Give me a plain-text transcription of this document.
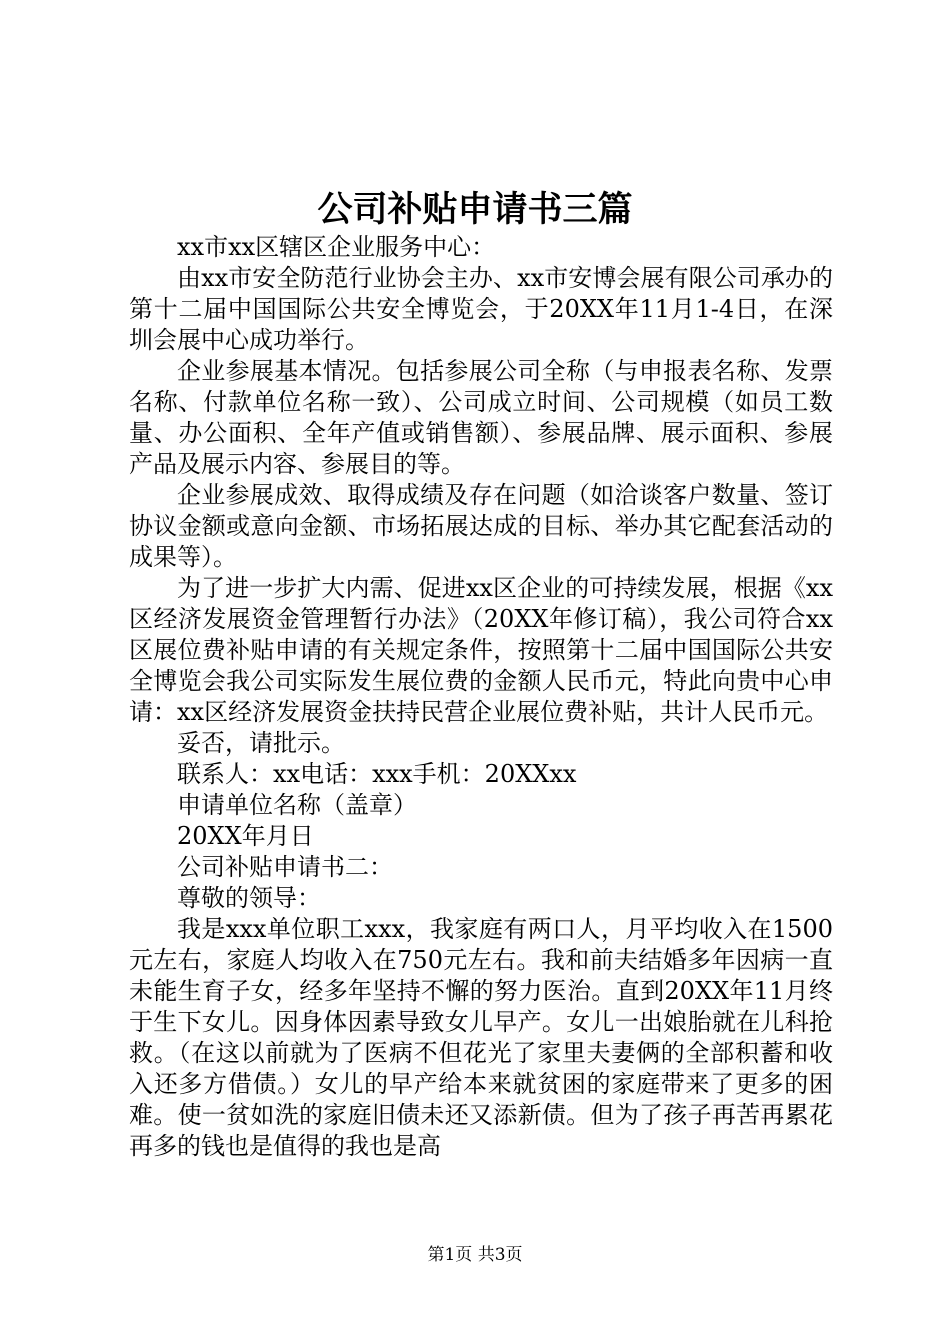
公司补贴申请书三篇

xx市xx区辖区企业服务中心：

由xx市安全防范行业协会主办、xx市安博会展有限公司承办的第十二届中国国际公共安全博览会，于20XX年11月1-4日，在深圳会展中心成功举行。

企业参展基本情况。包括参展公司全称（与申报表名称、发票名称、付款单位名称一致）、公司成立时间、公司规模（如员工数量、办公面积、全年产值或销售额）、参展品牌、展示面积、参展产品及展示内容、参展目的等。

企业参展成效、取得成绩及存在问题（如洽谈客户数量、签订协议金额或意向金额、市场拓展达成的目标、举办其它配套活动的成果等）。

为了进一步扩大内需、促进xx区企业的可持续发展，根据《xx区经济发展资金管理暂行办法》（20XX年修订稿），我公司符合xx区展位费补贴申请的有关规定条件，按照第十二届中国国际公共安全博览会我公司实际发生展位费的金额人民币元，特此向贵中心申请：xx区经济发展资金扶持民营企业展位费补贴，共计人民币元。

妥否，请批示。

联系人：xx电话：xxx手机：20XXxx

申请单位名称（盖章）

20XX年月日

公司补贴申请书二：

尊敬的领导：

我是xxx单位职工xxx，我家庭有两口人，月平均收入在1500元左右，家庭人均收入在750元左右。我和前夫结婚多年因病一直未能生育子女，经多年坚持不懈的努力医治。直到20XX年11月终于生下女儿。因身体因素导致女儿早产。女儿一出娘胎就在儿科抢救。（在这以前就为了医病不但花光了家里夫妻俩的全部积蓄和收入还多方借债。）女儿的早产给本来就贫困的家庭带来了更多的困难。使一贫如洗的家庭旧债未还又添新债。但为了孩子再苦再累花再多的钱也是值得的我也是高

第1页 共3页
